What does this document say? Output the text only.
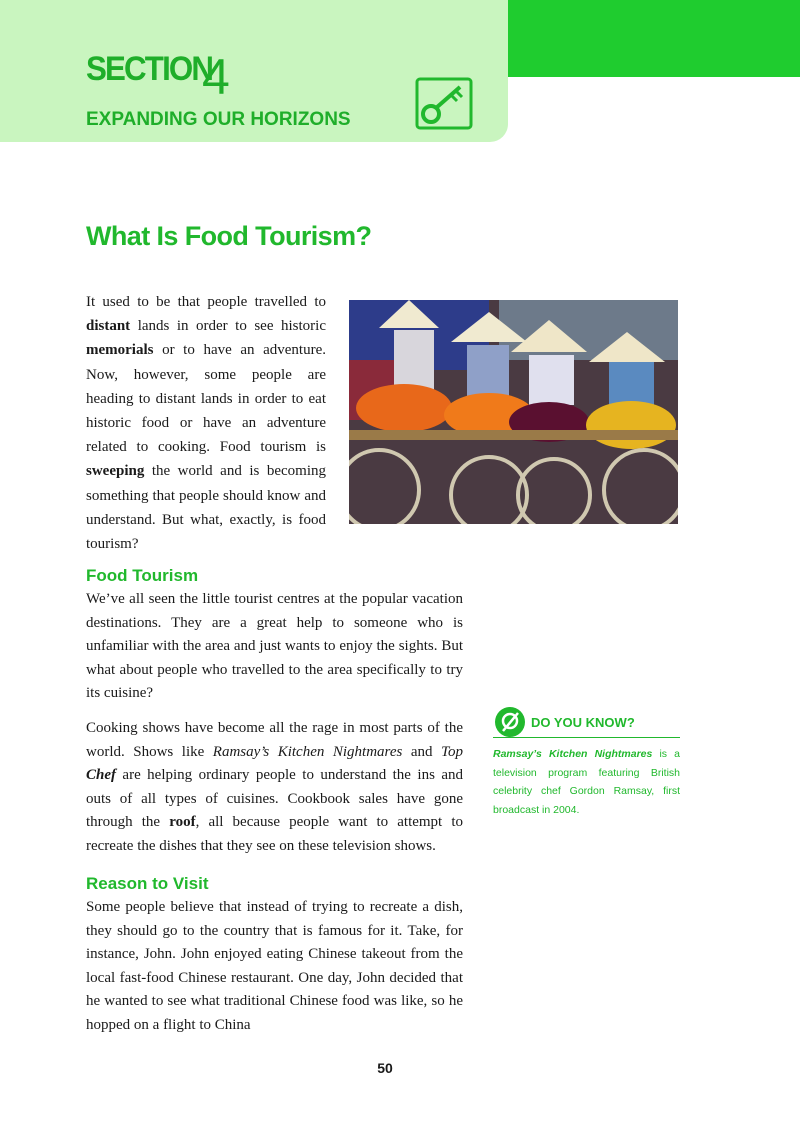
SECTION
4
EXPANDING OUR HORIZONS
What Is Food Tourism?

It used to be that people travelled to distant lands in order to see historic memorials or to have an adventure. Now, however, some people are heading to distant lands in order to eat historic food or have an adventure related to cooking. Food tourism is sweeping the world and is becoming something that people should know and understand. But what, exactly, is food tourism?

Food Tourism

We’ve all seen the little tourist centres at the popular vacation destinations. They are a great help to someone who is unfamiliar with the area and just wants to enjoy the sights. But what about people who travelled to the area specifically to try its cuisine?

Cooking shows have become all the rage in most parts of the world. Shows like Ramsay’s Kitchen Nightmares and Top Chef are helping ordinary people to understand the ins and outs of all types of cuisines. Cookbook sales have gone through the roof, all because people want to attempt to recreate the dishes that they see on these television shows.

Reason to Visit

Some people believe that instead of trying to recreate a dish, they should go to the country that is famous for it. Take, for instance, John. John enjoyed eating Chinese takeout from the local fast-food Chinese restaurant. One day, John decided that he wanted to see what traditional Chinese food was like, so he hopped on a flight to China

DO YOU KNOW?

Ramsay’s Kitchen Nightmares is a television program featuring British celebrity chef Gordon Ramsay, first broadcast in 2004.

50
